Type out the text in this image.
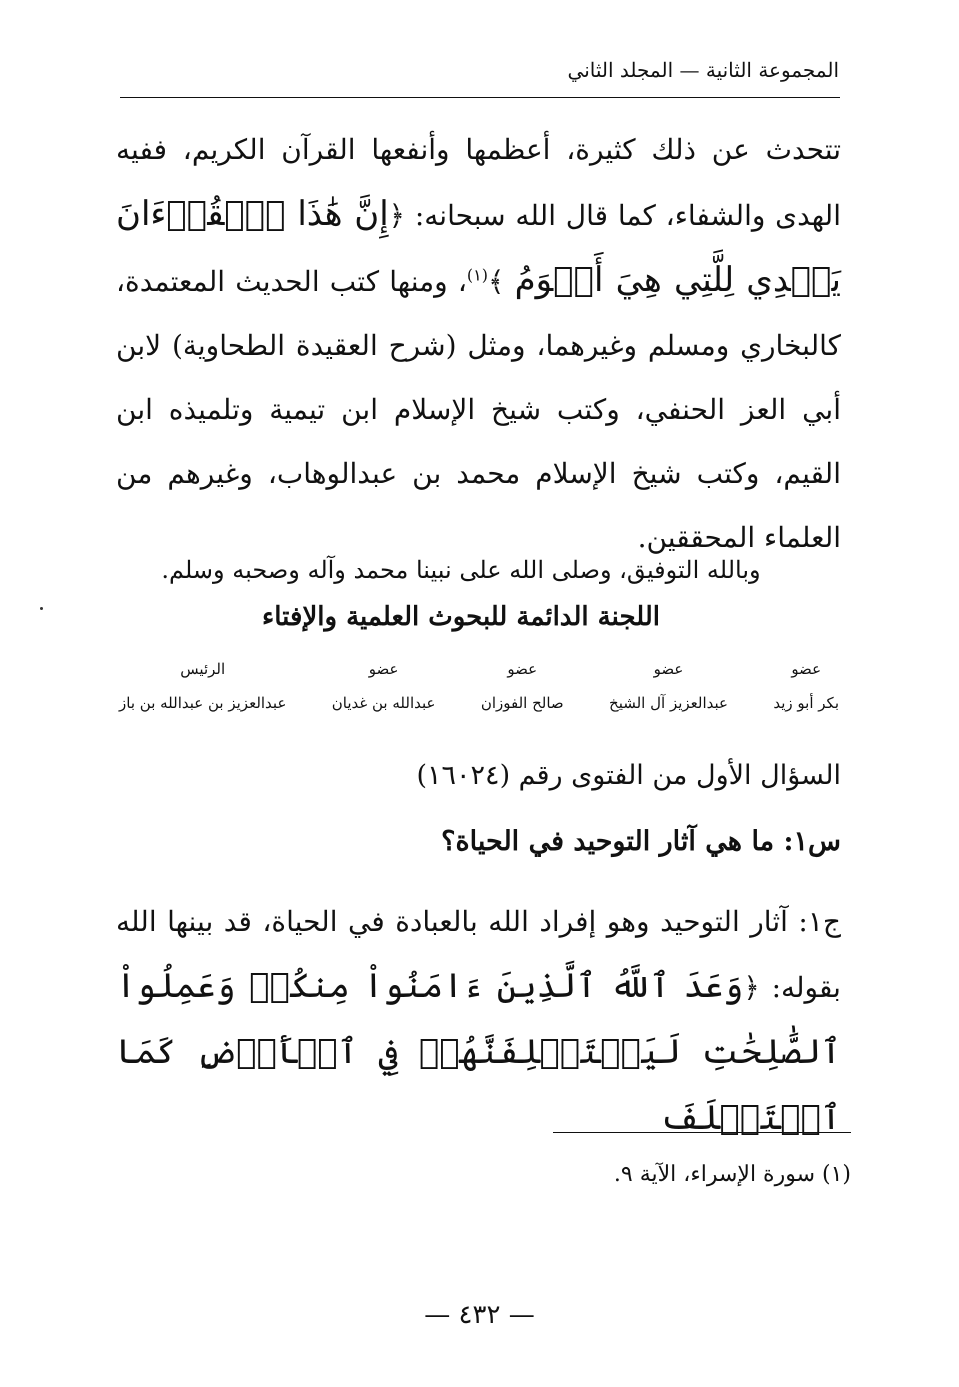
المجموعة الثانية — المجلد الثاني
تتحدث عن ذلك كثيرة، أعظمها وأنفعها القرآن الكريم، ففيه الهدى والشفاء، كما قال الله سبحانه: ﴿إِنَّ هَٰذَا ٱلۡقُرۡءَانَ يَهۡدِي لِلَّتِي هِيَ أَقۡوَمُ ﴾$^{(١)}$، ومنها كتب الحديث المعتمدة، كالبخاري ومسلم وغيرهما، ومثل (شرح العقيدة الطحاوية) لابن أبي العز الحنفي، وكتب شيخ الإسلام ابن تيمية وتلميذه ابن القيم، وكتب شيخ الإسلام محمد بن عبدالوهاب، وغيرهم من العلماء المحققين.
وبالله التوفيق، وصلى الله على نبينا محمد وآله وصحبه وسلم.
اللجنة الدائمة للبحوث العلمية والإفتاء
عضو
بكر أبو زيد
عضو
عبدالعزيز آل الشيخ
عضو
صالح الفوزان
عضو
عبدالله بن غديان
الرئيس
عبدالعزيز بن عبدالله بن باز
السؤال الأول من الفتوى رقم (١٦٠٢٤)
س١: ما هي آثار التوحيد في الحياة؟
ج١: آثار التوحيد وهو إفراد الله بالعبادة في الحياة، قد بينها الله بقوله: ﴿وَعَدَ ٱللَّهُ ٱلَّذِينَ ءَامَنُواْ مِنكُمۡ وَعَمِلُواْ ٱلصَّٰلِحَٰتِ لَيَسۡتَخۡلِفَنَّهُمۡ فِي ٱلۡأَرۡضِ كَمَا ٱسۡتَخۡلَفَ
(١) سورة الإسراء، الآية ٩.
— ٤٣٢ —
